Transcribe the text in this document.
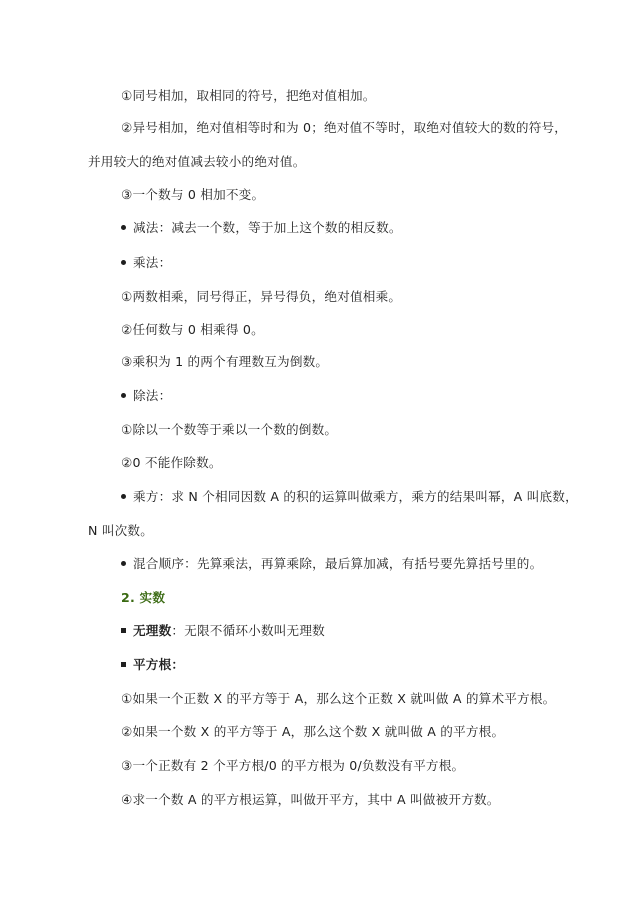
①同号相加，取相同的符号，把绝对值相加。
②异号相加，绝对值相等时和为 0；绝对值不等时，取绝对值较大的数的符号，
并用较大的绝对值减去较小的绝对值。
③一个数与 0 相加不变。
减法：减去一个数，等于加上这个数的相反数。
乘法：
①两数相乘，同号得正，异号得负，绝对值相乘。
②任何数与 0 相乘得 0。
③乘积为 1 的两个有理数互为倒数。
除法：
①除以一个数等于乘以一个数的倒数。
②0 不能作除数。
乘方：求 N 个相同因数 A 的积的运算叫做乘方，乘方的结果叫幂，A 叫底数，
N 叫次数。
混合顺序：先算乘法，再算乘除，最后算加减，有括号要先算括号里的。
2. 实数
无理数：无限不循环小数叫无理数
平方根：
①如果一个正数 X 的平方等于 A，那么这个正数 X 就叫做 A 的算术平方根。
②如果一个数 X 的平方等于 A，那么这个数 X 就叫做 A 的平方根。
③一个正数有 2 个平方根/0 的平方根为 0/负数没有平方根。
④求一个数 A 的平方根运算，叫做开平方，其中 A 叫做被开方数。
